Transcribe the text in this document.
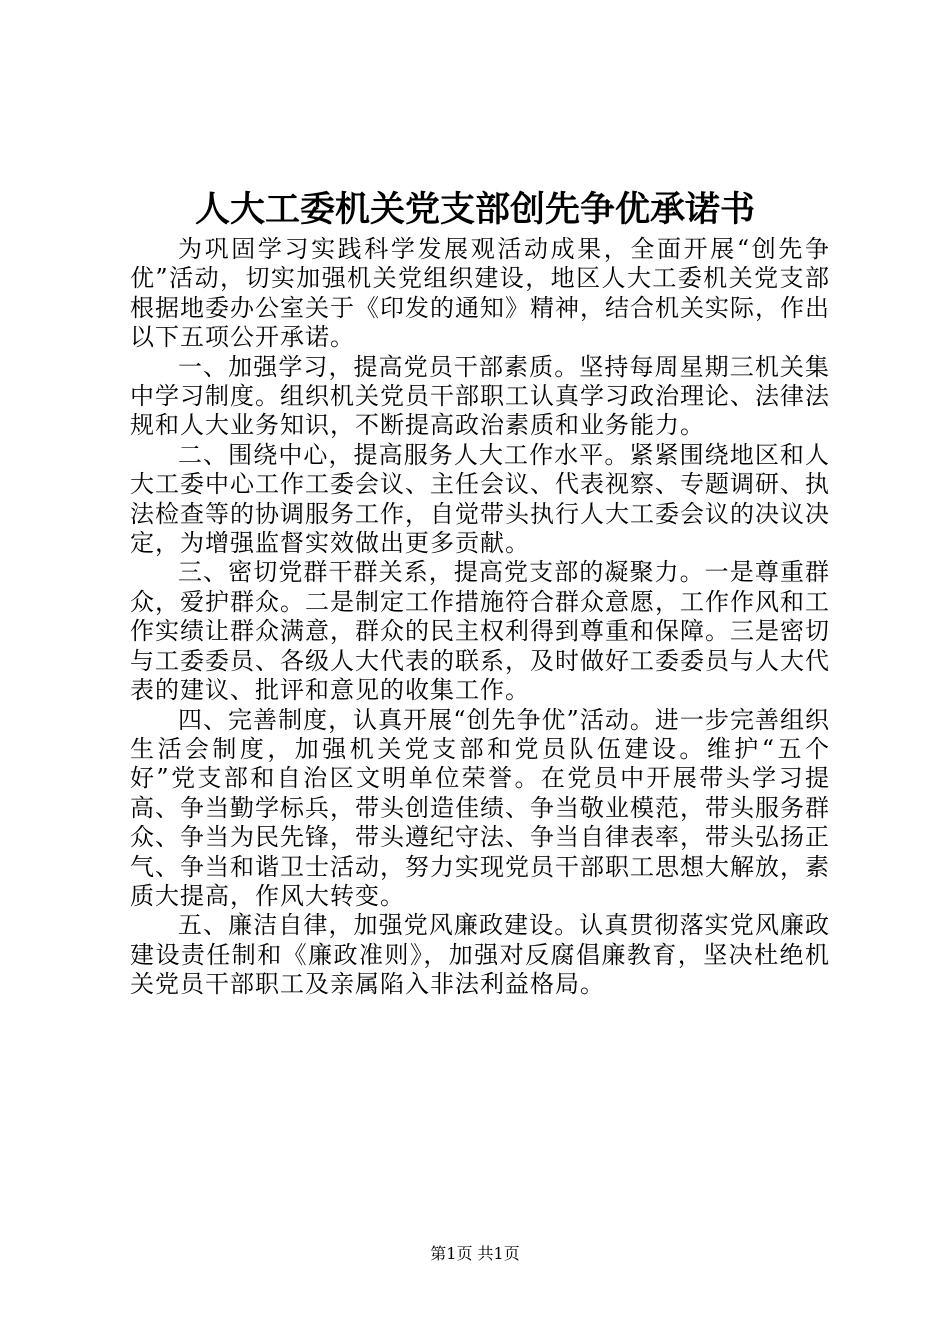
人大工委机关党支部创先争优承诺书

为巩固学习实践科学发展观活动成果，全面开展“创先争优”活动，切实加强机关党组织建设，地区人大工委机关党支部根据地委办公室关于《印发的通知》精神，结合机关实际，作出以下五项公开承诺。

一、加强学习，提高党员干部素质。坚持每周星期三机关集中学习制度。组织机关党员干部职工认真学习政治理论、法律法规和人大业务知识，不断提高政治素质和业务能力。

二、围绕中心，提高服务人大工作水平。紧紧围绕地区和人大工委中心工作工委会议、主任会议、代表视察、专题调研、执法检查等的协调服务工作，自觉带头执行人大工委会议的决议决定，为增强监督实效做出更多贡献。

三、密切党群干群关系，提高党支部的凝聚力。一是尊重群众，爱护群众。二是制定工作措施符合群众意愿，工作作风和工作实绩让群众满意，群众的民主权利得到尊重和保障。三是密切与工委委员、各级人大代表的联系，及时做好工委委员与人大代表的建议、批评和意见的收集工作。

四、完善制度，认真开展“创先争优”活动。进一步完善组织生活会制度，加强机关党支部和党员队伍建设。维护“五个好”党支部和自治区文明单位荣誉。在党员中开展带头学习提高、争当勤学标兵，带头创造佳绩、争当敬业模范，带头服务群众、争当为民先锋，带头遵纪守法、争当自律表率，带头弘扬正气、争当和谐卫士活动，努力实现党员干部职工思想大解放，素质大提高，作风大转变。

五、廉洁自律，加强党风廉政建设。认真贯彻落实党风廉政建设责任制和《廉政准则》，加强对反腐倡廉教育，坚决杜绝机关党员干部职工及亲属陷入非法利益格局。

第1页 共1页
